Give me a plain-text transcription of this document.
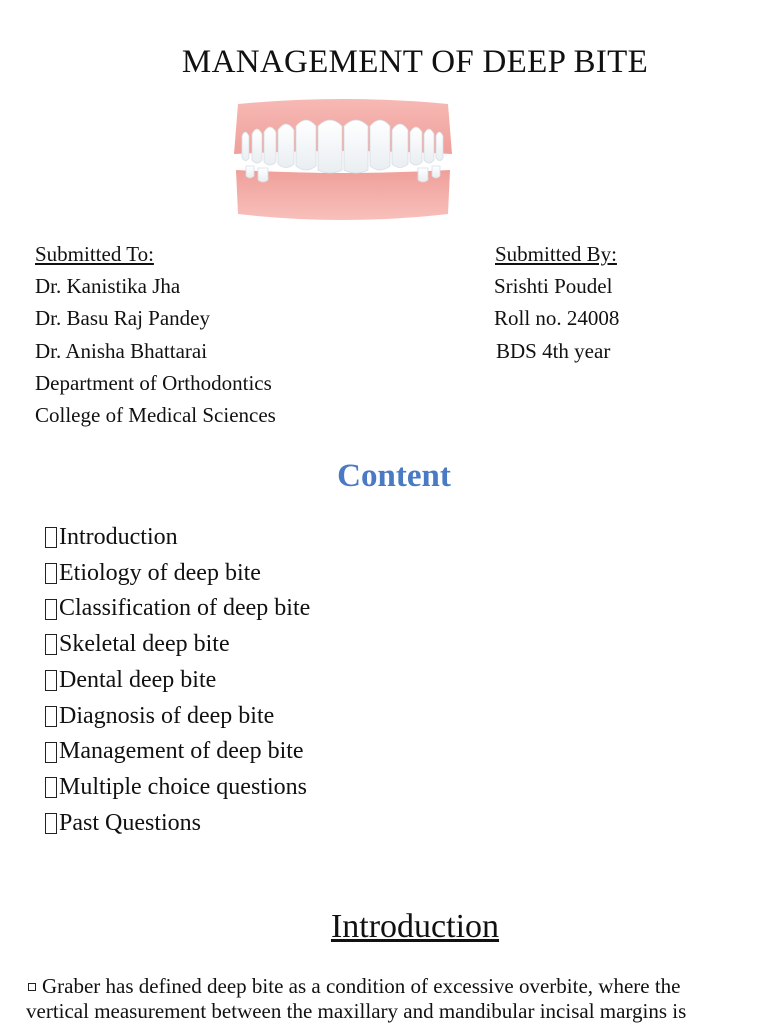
MANAGEMENT OF DEEP BITE
Submitted To:
Dr. Kanistika Jha
Dr. Basu Raj Pandey
Dr. Anisha Bhattarai
Department of Orthodontics
College of Medical Sciences
Submitted By:
Srishti Poudel
Roll no. 24008
BDS 4th year
Content
Introduction
Etiology of deep bite
Classification of deep bite
Skeletal deep bite
Dental deep bite
Diagnosis of deep bite
Management of deep bite
Multiple choice questions
Past Questions
Introduction
Graber has defined deep bite as a condition of excessive overbite, where the vertical measurement between the maxillary and mandibular incisal margins is
